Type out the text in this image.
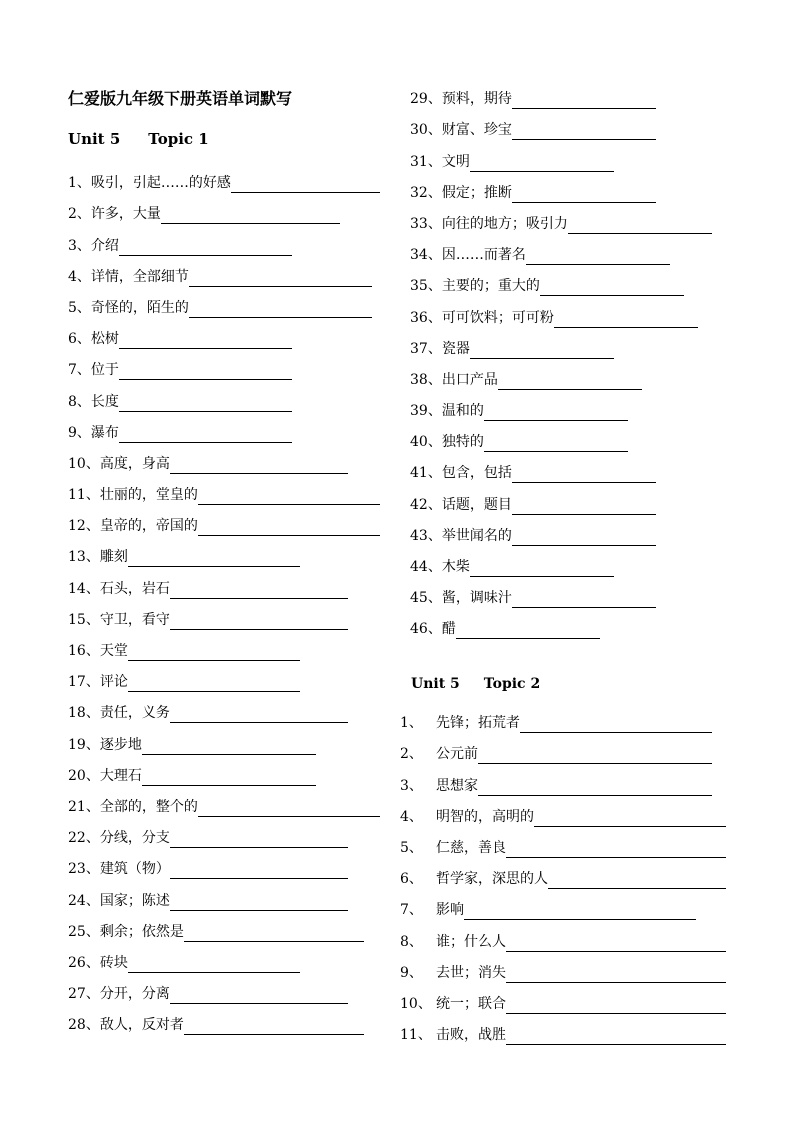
仁爱版九年级下册英语单词默写
Unit 5 Topic 1
1、 吸引，引起……的好感
2、 许多，大量
3、 介绍
4、 详情，全部细节
5、 奇怪的，陌生的
6、 松树
7、 位于
8、 长度
9、 瀑布
10、 高度，身高
11、 壮丽的，堂皇的
12、 皇帝的，帝国的
13、 雕刻
14、 石头，岩石
15、 守卫，看守
16、 天堂
17、 评论
18、 责任，义务
19、 逐步地
20、 大理石
21、 全部的，整个的
22、 分线，分支
23、 建筑（物）
24、 国家；陈述
25、 剩余；依然是
26、 砖块
27、 分开，分离
28、 敌人，反对者
29、 预料，期待
30、 财富、珍宝
31、 文明
32、 假定；推断
33、 向往的地方；吸引力
34、 因……而著名
35、 主要的；重大的
36、 可可饮料；可可粉
37、 瓷器
38、 出口产品
39、 温和的
40、 独特的
41、 包含，包括
42、 话题，题目
43、 举世闻名的
44、 木柴
45、 酱，调味汁
46、 醋
Unit 5 Topic 2
1、 先锋；拓荒者
2、 公元前
3、 思想家
4、 明智的，高明的
5、 仁慈，善良
6、 哲学家，深思的人
7、 影响
8、 谁；什么人
9、 去世；消失
10、 统一；联合
11、 击败，战胜
